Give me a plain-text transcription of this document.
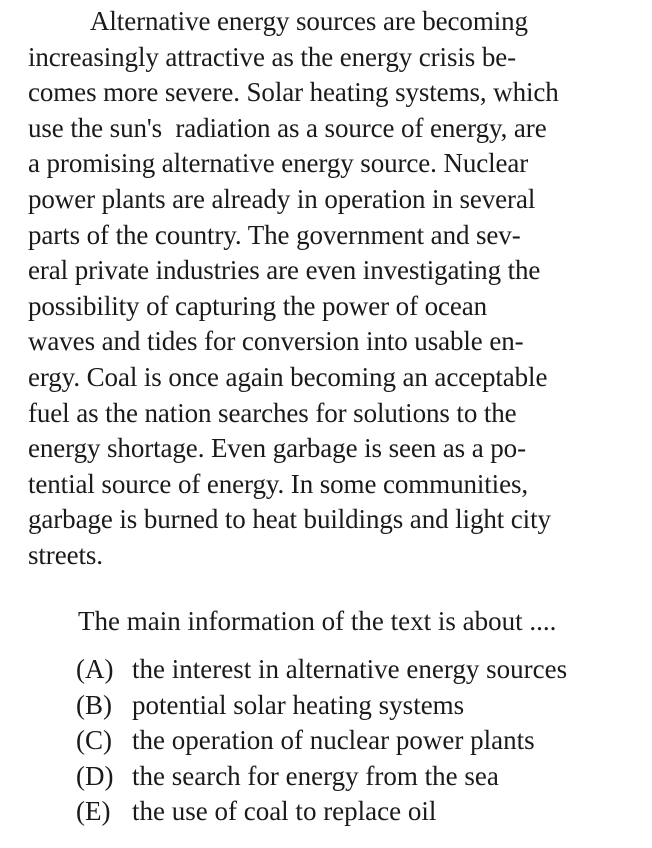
Alternative energy sources are becoming
increasingly attractive as the energy crisis be-
comes more severe. Solar heating systems, which
use the sun's  radiation as a source of energy, are
a promising alternative energy source. Nuclear
power plants are already in operation in several
parts of the country. The government and sev-
eral private industries are even investigating the
possibility of capturing the power of ocean
waves and tides for conversion into usable en-
ergy. Coal is once again becoming an acceptable
fuel as the nation searches for solutions to the
energy shortage. Even garbage is seen as a po-
tential source of energy. In some communities,
garbage is burned to heat buildings and light city
streets.
The main information of the text is about ....
(A) the interest in alternative energy sources
(B) potential solar heating systems
(C) the operation of nuclear power plants
(D) the search for energy from the sea
(E) the use of coal to replace oil
